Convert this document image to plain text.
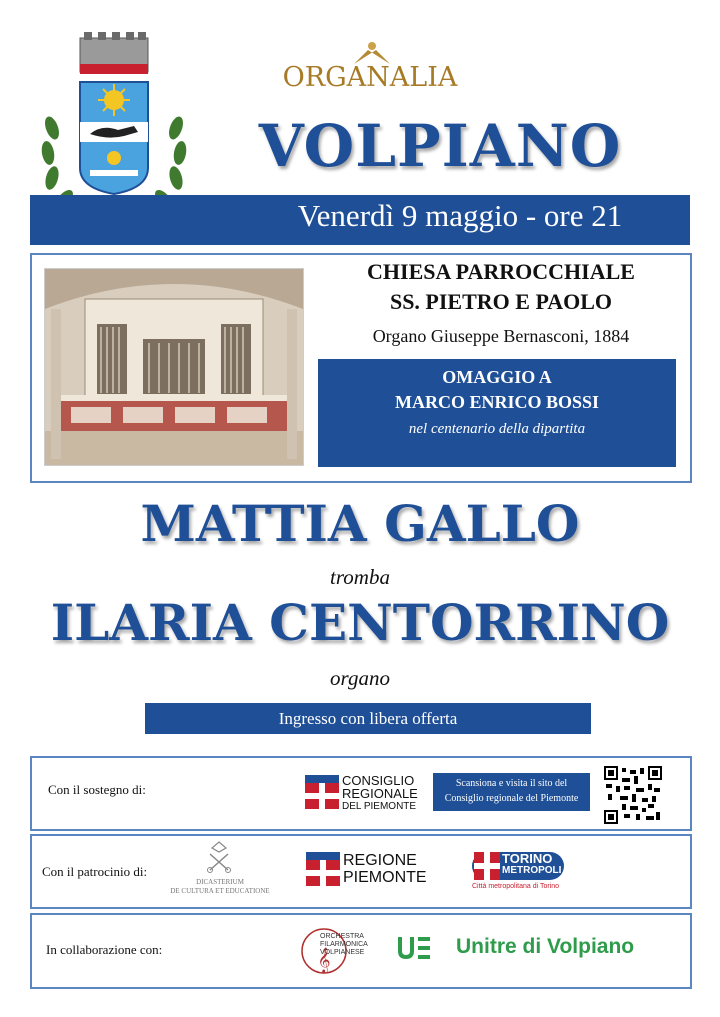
ORGANALIA
VOLPIANO
Venerdì 9 maggio - ore 21
CHIESA PARROCCHIALE
SS. PIETRO E PAOLO
Organo Giuseppe Bernasconi, 1884
OMAGGIO A
MARCO ENRICO BOSSI
nel centenario della dipartita
MATTIA GALLO
tromba
ILARIA CENTORRINO
organo
Ingresso con libera offerta
Con il sostegno di:
Con il patrocinio di:
In collaborazione con:
CONSIGLIO
REGIONALE
DEL PIEMONTE
Scansiona e visita il sito del
Consiglio regionale del Piemonte
DICASTERIUM
DE CULTURA ET EDUCATIONE
REGIONE
PIEMONTE
TORINO
METROPOLI
Città metropolitana di Torino
𝄞
ORCHESTRA
FILARMONICA
VOLPIANESE	Unitre di Volpiano
